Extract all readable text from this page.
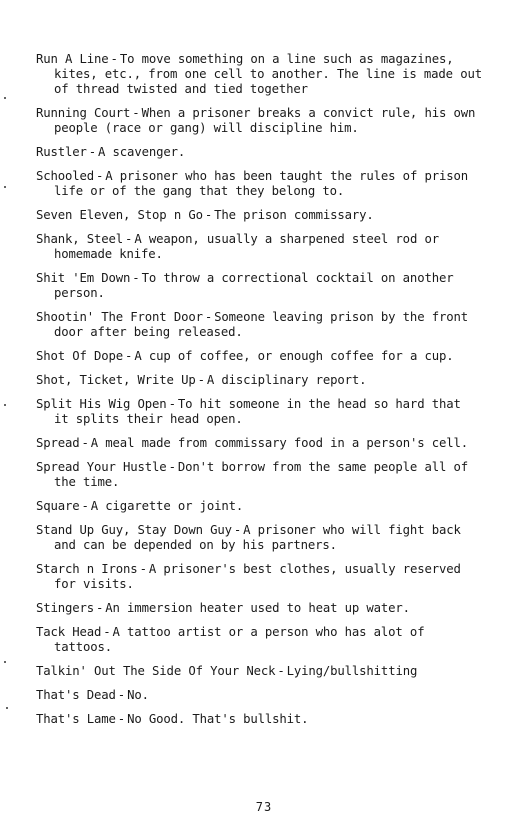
Run A Line - To move something on a line such as magazines, kites, etc., from one cell to another. The line is made out of thread twisted and tied together
Running Court - When a prisoner breaks a convict rule, his own people (race or gang) will discipline him.
Rustler - A scavenger.
Schooled - A prisoner who has been taught the rules of prison life or of the gang that they belong to.
Seven Eleven, Stop n Go - The prison commissary.
Shank, Steel - A weapon, usually a sharpened steel rod or homemade knife.
Shit 'Em Down - To throw a correctional cocktail on another person.
Shootin' The Front Door - Someone leaving prison by the front door after being released.
Shot Of Dope - A cup of coffee, or enough coffee for a cup.
Shot, Ticket, Write Up - A disciplinary report.
Split His Wig Open - To hit someone in the head so hard that it splits their head open.
Spread - A meal made from commissary food in a person's cell.
Spread Your Hustle - Don't borrow from the same people all of the time.
Square - A cigarette or joint.
Stand Up Guy, Stay Down Guy - A prisoner who will fight back and can be depended on by his partners.
Starch n Irons - A prisoner's best clothes, usually reserved for visits.
Stingers - An immersion heater used to heat up water.
Tack Head - A tattoo artist or a person who has alot of tattoos.
Talkin' Out The Side Of Your Neck - Lying/bullshitting
That's Dead - No.
That's Lame - No Good. That's bullshit.
73
